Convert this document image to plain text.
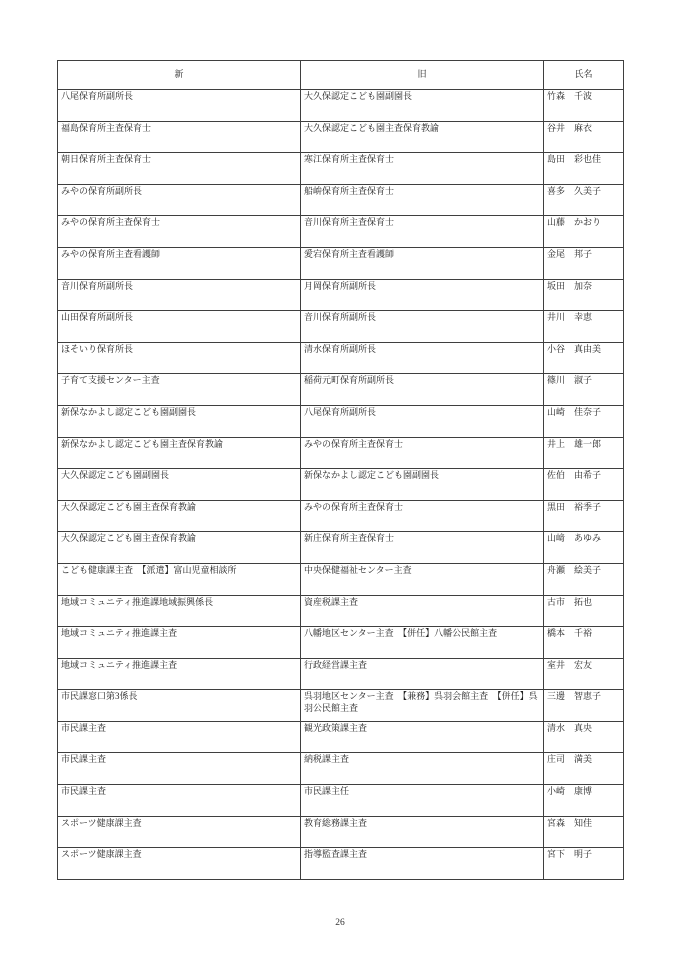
新	旧	氏名
八尾保育所副所長	大久保認定こども園副園長	竹森　千波
福島保育所主査保育士	大久保認定こども園主査保育教諭	谷井　麻衣
朝日保育所主査保育士	寒江保育所主査保育士	島田　彩也佳
みやの保育所副所長	船峅保育所主査保育士	喜多　久美子
みやの保育所主査保育士	音川保育所主査保育士	山藤　かおり
みやの保育所主査看護師	愛宕保育所主査看護師	金尾　邦子
音川保育所副所長	月岡保育所副所長	坂田　加奈
山田保育所副所長	音川保育所副所長	井川　幸恵
ほそいり保育所長	清水保育所副所長	小谷　真由美
子育て支援センター主査	稲荷元町保育所副所長	篠川　淑子
新保なかよし認定こども園副園長	八尾保育所副所長	山崎　佳奈子
新保なかよし認定こども園主査保育教諭	みやの保育所主査保育士	井上　雄一郎
大久保認定こども園副園長	新保なかよし認定こども園副園長	佐伯　由希子
大久保認定こども園主査保育教諭	みやの保育所主査保育士	黒田　裕季子
大久保認定こども園主査保育教諭	新庄保育所主査保育士	山﨑　あゆみ
こども健康課主査　【派遣】富山児童相談所	中央保健福祉センター主査	舟瀬　絵美子
地域コミュニティ推進課地域振興係長	資産税課主査	古市　拓也
地域コミュニティ推進課主査	八幡地区センター主査　【併任】八幡公民館主査	橋本　千裕
地域コミュニティ推進課主査	行政経営課主査	室井　宏友
市民課窓口第3係長	呉羽地区センター主査　【兼務】呉羽会館主査　【併任】呉羽公民館主査	三邊　智恵子
市民課主査	観光政策課主査	清水　真央
市民課主査	納税課主査	庄司　満美
市民課主査	市民課主任	小崎　康博
スポーツ健康課主査	教育総務課主査	宮森　知佳
スポーツ健康課主査	指導監査課主査	宮下　明子
26
